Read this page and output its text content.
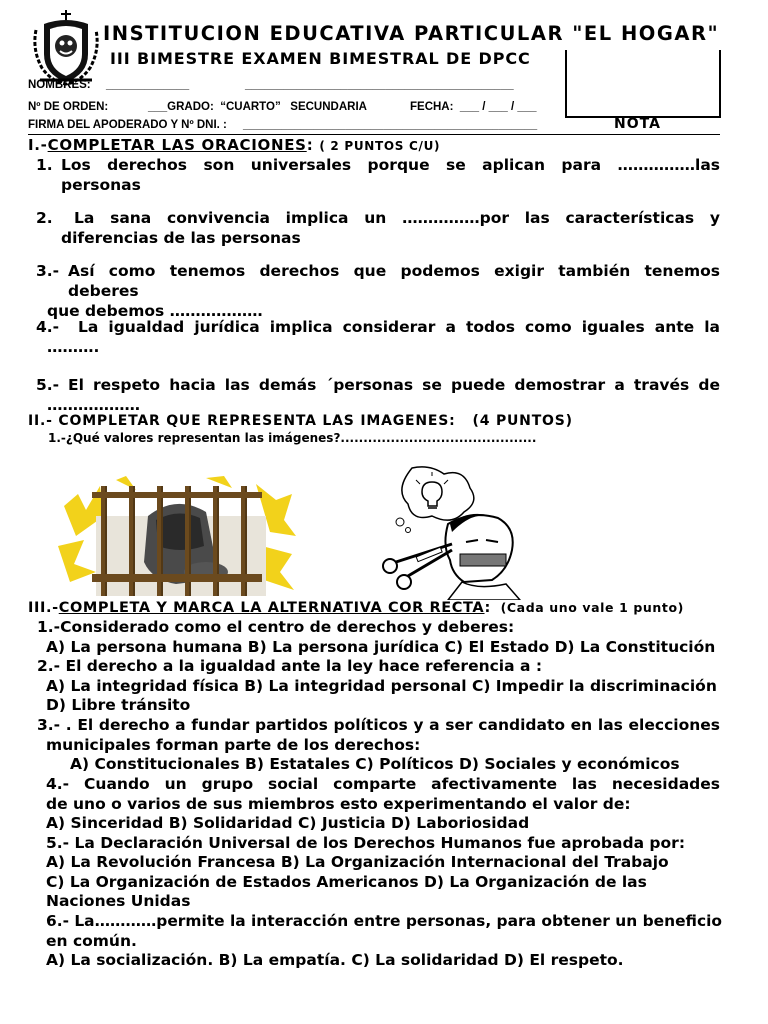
INSTITUCION EDUCATIVA PARTICULAR "EL HOGAR"
III BIMESTRE EXAMEN BIMESTRAL DE DPCC
NOMBRES: _____________	__________________________________________
Nº DE ORDEN:	___GRADO:  “CUARTO”   SECUNDARIA	FECHA:  ___ / ___ / ___
FIRMA DEL APODERADO Y Nº DNI. : ______________________________________________	NOTA
I.-COMPLETAR LAS ORACIONES: ( 2 PUNTOS C/U)
1. Los derechos son universales porque se aplican para ……………las
personas
2.	La sana convivencia implica un ……………por las características y
diferencias de las personas
3.- Así como tenemos derechos que podemos exigir también tenemos deberes
que debemos ………………
4.-	La igualdad jurídica implica considerar a todos como iguales ante la
……….
5.- El respeto hacia las demás ´personas se puede demostrar a través de
………………
II.- COMPLETAR QUE REPRESENTA LAS IMAGENES:   (4 PUNTOS)
1.-¿Qué valores representan las imágenes?...........................................
III.-COMPLETA Y MARCA LA ALTERNATIVA COR RECTA: (Cada uno vale 1 punto)
1.-Considerado como el centro de derechos y deberes:
A) La persona humana B) La persona jurídica C) El Estado D) La Constitución
2.- El derecho a la igualdad ante la ley hace referencia a :
A) La integridad física B) La integridad personal C) Impedir la discriminación
D) Libre tránsito
3.- . El derecho a fundar partidos políticos y a ser candidato en las elecciones
municipales forman parte de los derechos:
A) Constitucionales B) Estatales C) Políticos D) Sociales y económicos
4.- Cuando un grupo social comparte afectivamente las necesidades
de uno o varios de sus miembros esto experimentando el valor de:
A) Sinceridad B) Solidaridad C) Justicia D) Laboriosidad
5.- La Declaración Universal de los Derechos Humanos fue aprobada por:
A) La Revolución Francesa B) La Organización Internacional del Trabajo
C) La Organización de Estados Americanos D) La Organización de las
Naciones Unidas
6.- La…………permite la interacción entre personas, para obtener un beneficio
en común.
A) La socialización. B) La empatía. C) La solidaridad D) El respeto.
